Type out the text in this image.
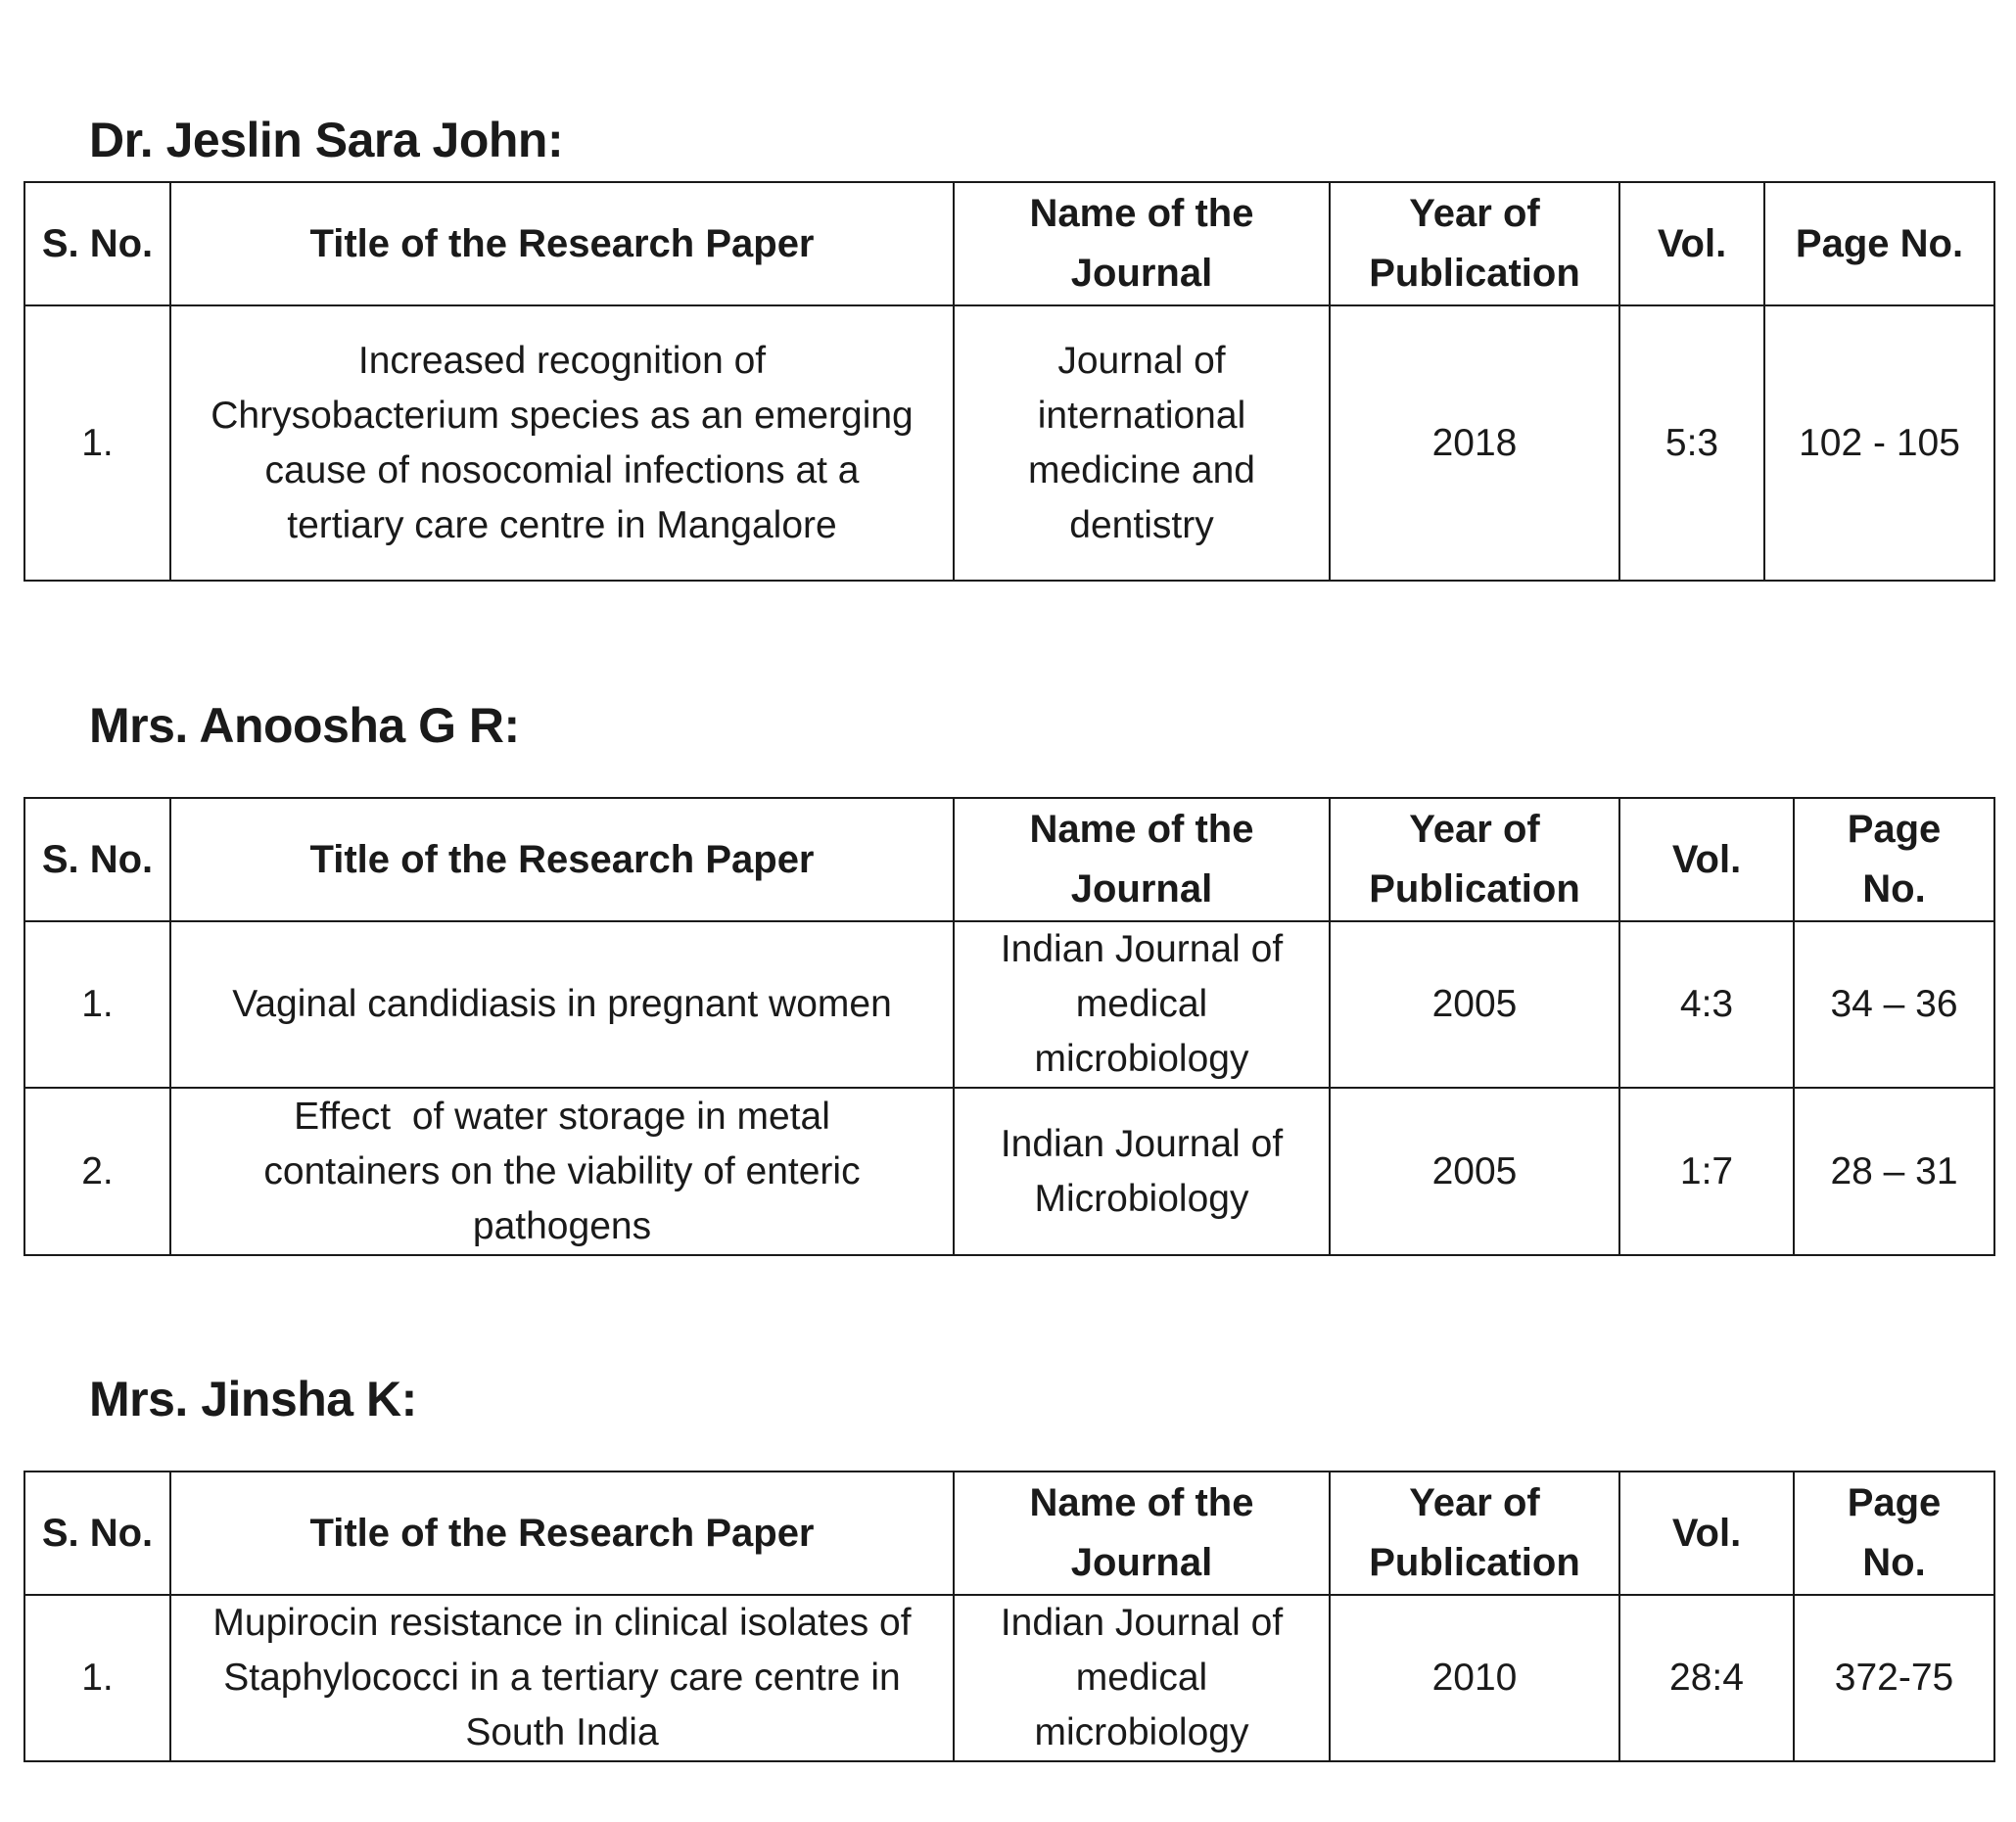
Dr. Jeslin Sara John:
S. No.	Title of the Research Paper	Name of the Journal	Year of Publication	Vol.	Page No.
1.	Increased recognition of Chrysobacterium species as an emerging cause of nosocomial infections at a tertiary care centre in Mangalore	Journal of international medicine and dentistry	2018	5:3	102 - 105
Mrs. Anoosha G R:
S. No.	Title of the Research Paper	Name of the Journal	Year of Publication	Vol.	Page No.
1.	Vaginal candidiasis in pregnant women	Indian Journal of medical microbiology	2005	4:3	34 – 36
2.	Effect  of water storage in metal containers on the viability of enteric pathogens	Indian Journal of Microbiology	2005	1:7	28 – 31
Mrs. Jinsha K:
S. No.	Title of the Research Paper	Name of the Journal	Year of Publication	Vol.	Page No.
1.	Mupirocin resistance in clinical isolates of Staphylococci in a tertiary care centre in South India	Indian Journal of medical microbiology	2010	28:4	372-75
